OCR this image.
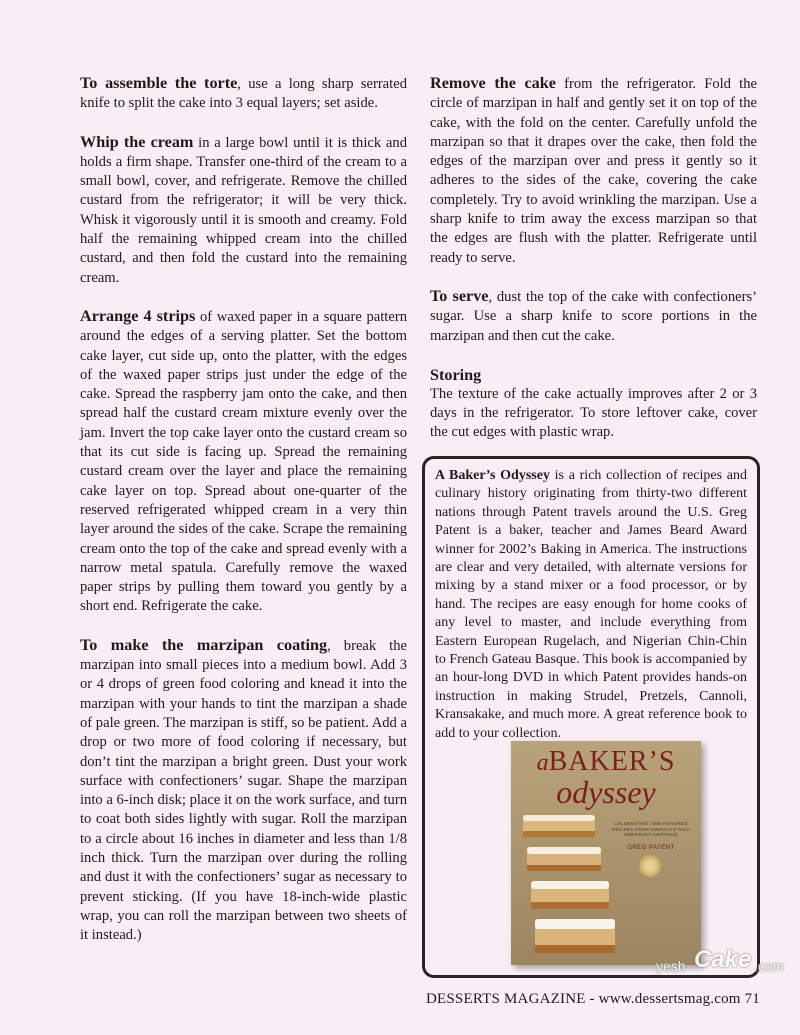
To assemble the torte, use a long sharp serrated knife to split the cake into 3 equal layers; set aside.

Whip the cream in a large bowl until it is thick and holds a firm shape. Transfer one-third of the cream to a small bowl, cover, and refrigerate. Remove the chilled custard from the refrigerator; it will be very thick. Whisk it vigorously until it is smooth and creamy. Fold half the remaining whipped cream into the chilled custard, and then fold the custard into the remaining cream.

Arrange 4 strips of waxed paper in a square pattern around the edges of a serving platter. Set the bottom cake layer, cut side up, onto the platter, with the edges of the waxed paper strips just under the edge of the cake. Spread the raspberry jam onto the cake, and then spread half the custard cream mixture evenly over the jam. Invert the top cake layer onto the custard cream so that its cut side is facing up. Spread the remaining custard cream over the layer and place the remaining cake layer on top. Spread about one-quarter of the reserved refrigerated whipped cream in a very thin layer around the sides of the cake. Scrape the remaining cream onto the top of the cake and spread evenly with a narrow metal spatula. Carefully remove the waxed paper strips by pulling them toward you gently by a short end. Refrigerate the cake.

To make the marzipan coating, break the marzipan into small pieces into a medium bowl. Add 3 or 4 drops of green food coloring and knead it into the marzipan with your hands to tint the marzipan a shade of pale green. The marzipan is stiff, so be patient. Add a drop or two more of food coloring if necessary, but don’t tint the marzipan a bright green. Dust your work surface with confectioners’ sugar. Shape the marzipan into a 6-inch disk; place it on the work surface, and turn to coat both sides lightly with sugar. Roll the marzipan to a circle about 16 inches in diameter and less than 1/8 inch thick. Turn the marzipan over during the rolling and dust it with the confectioners’ sugar as necessary to prevent sticking. (If you have 18-inch-wide plastic wrap, you can roll the marzipan between two sheets of it instead.)

Remove the cake from the refrigerator. Fold the circle of marzipan in half and gently set it on top of the cake, with the fold on the center. Carefully unfold the marzipan so that it drapes over the cake, then fold the edges of the marzipan over and press it gently so it adheres to the sides of the cake, covering the cake completely. Try to avoid wrinkling the marzipan. Use a sharp knife to trim away the excess marzipan so that the edges are flush with the platter. Refrigerate until ready to serve.

To serve, dust the top of the cake with confectioners’ sugar. Use a sharp knife to score portions in the marzipan and then cut the cake.

Storing

The texture of the cake actually improves after 2 or 3 days in the refrigerator. To store leftover cake, cover the cut edges with plastic wrap.

A Baker’s Odyssey is a rich collection of recipes and culinary history originating from thirty-two different nations through Patent travels around the U.S. Greg Patent is a baker, teacher and James Beard Award winner for 2002’s Baking in America. The instructions are clear and very detailed, with alternate versions for mixing by a stand mixer or a food processor, or by hand. The recipes are easy enough for home cooks of any level to master, and include everything from Eastern European Rugelach, and Nigerian Chin-Chin to French Gateau Basque. This book is accompanied by an hour-long DVD in which Patent provides hands-on instruction in making Strudel, Pretzels, Cannoli, Kransakake, and much more. A great reference book to add to your collection.
aBAKER’S
odyssey
CELEBRATING TIME-HONORED RECIPES FROM AMERICA’S RICH IMMIGRANT HERITAGE
GREG PATENT
yesh Cake .com
DESSERTS MAGAZINE - www.dessertsmag.com 71
